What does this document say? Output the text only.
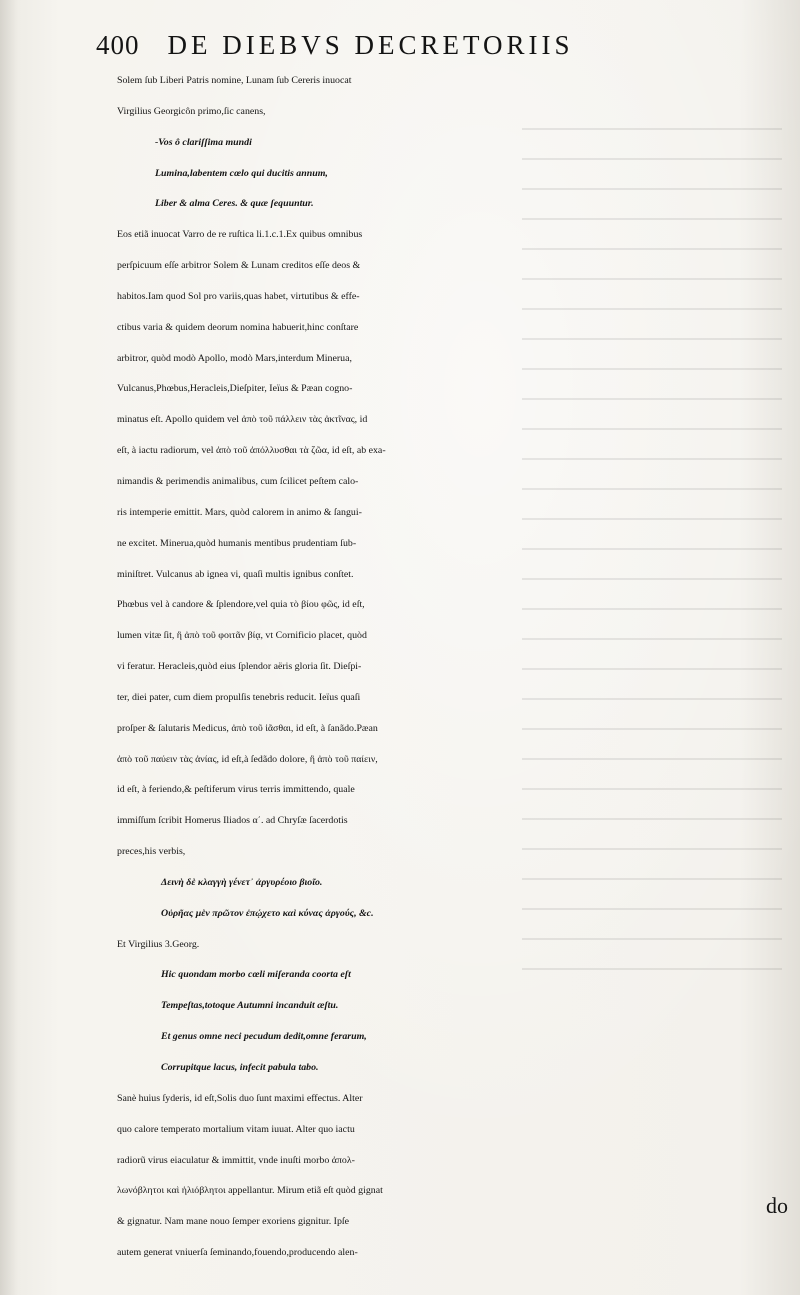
400 DE DIEBVS DECRETORIIS
Solem ſub Liberi Patris nomine, Lunam ſub Cereris inuocat
Virgilius Georgicôn primo,ſic canens,
-Vos ô clariſſima mundi
Lumina,labentem cœlo qui ducitis annum,
Liber & alma Ceres. & quæ ſequuntur.
Eos etiã inuocat Varro de re ruſtica li.1.c.1.Ex quibus omnibus
perſpicuum eſſe arbitror Solem & Lunam creditos eſſe deos &
habitos.Iam quod Sol pro variis,quas habet, virtutibus & effe-
ctibus varia & quidem deorum nomina habuerit,hinc conſtare
arbitror, quòd modò Apollo, modò Mars,interdum Minerua,
Vulcanus,Phœbus,Heracleis,Dieſpiter, Ieïus & Pæan cogno-
minatus eſt. Apollo quidem vel ἀπὸ τοῦ πάλλειν τὰς ἀκτῖνας, id
eſt, à iactu radiorum, vel ἀπὸ τοῦ ἀπόλλυσθαι τὰ ζῶα, id eſt, ab exa-
nimandis & perimendis animalibus, cum ſcilicet peſtem calo-
ris intemperie emittit. Mars, quòd calorem in animo & ſangui-
ne excitet. Minerua,quòd humanis mentibus prudentiam ſub-
miniſtret. Vulcanus ab ignea vi, quaſi multis ignibus conſtet.
Phœbus vel à candore & ſplendore,vel quia τὸ βίου φῶς, id eſt,
lumen vitæ ſit, ἢ ἀπὸ τοῦ φοιτᾶν βίᾳ, vt Cornificio placet, quòd
vi feratur. Heracleis,quòd eius ſplendor aëris gloria ſit. Dieſpi-
ter, diei pater, cum diem propulſis tenebris reducit. Ieïus quaſi
proſper & ſalutaris Medicus, ἀπὸ τοῦ ἰᾶσθαι, id eſt, à ſanãdo.Pæan
ἀπὸ τοῦ παύειν τὰς ἀνίας, id eſt,à ſedãdo dolore, ἢ ἀπὸ τοῦ παίειν,
id eſt, à feriendo,& peſtiferum virus terris immittendo, quale
immiſſum ſcribit Homerus Iliados α΄. ad Chryſæ ſacerdotis
preces,his verbis,
Δεινὴ δὲ κλαγγὴ γένετ᾽ ἀργυρέοιο βιοῖο.
Οὐρῆας μὲν πρῶτον ἐπῴχετο καὶ κύνας ἀργούς, &c.
Et Virgilius 3.Georg.
Hic quondam morbo cœli miſeranda coorta eſt
Tempeſtas,totoque Autumni incanduit æſtu.
Et genus omne neci pecudum dedit,omne ferarum,
Corrupitque lacus, infecit pabula tabo.
Sanè huius ſyderis, id eſt,Solis duo ſunt maximi effectus. Alter
quo calore temperato mortalium vitam iuuat. Alter quo iactu
radiorũ virus eiaculatur & immittit, vnde inuſti morbo ἀπολ-
λωνόβλητοι καὶ ἡλιόβλητοι appellantur. Mirum etiã eſt quòd gignat
& gignatur. Nam mane nouo ſemper exoriens gignitur. Ipſe
autem generat vniuerſa ſeminando,fouendo,producendo alen-
do
